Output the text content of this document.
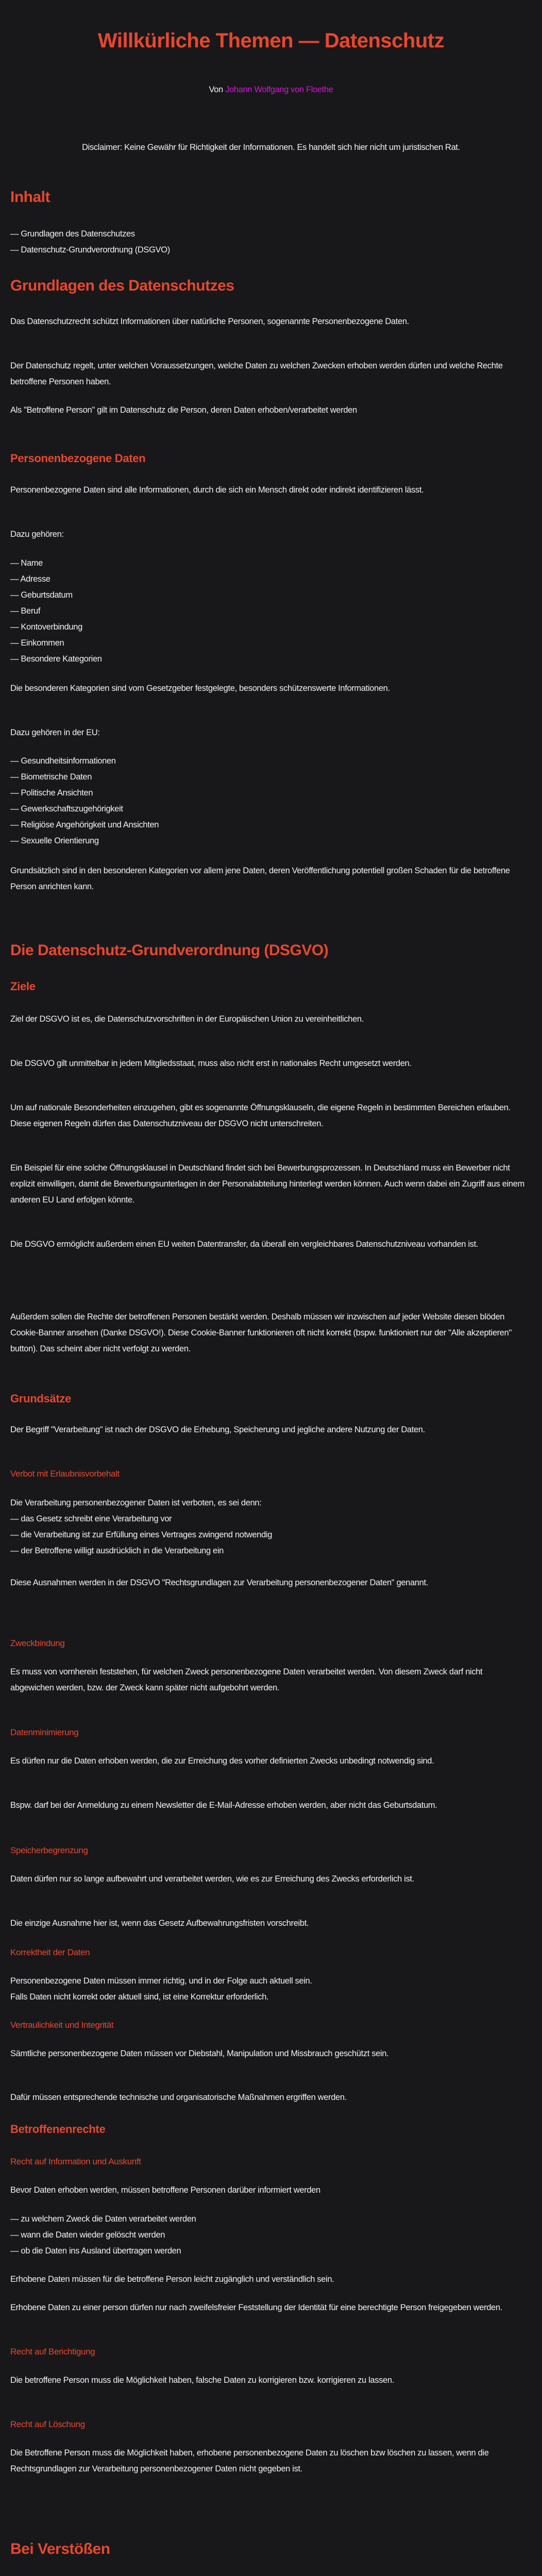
Willkürliche Themen — Datenschutz

Von Johann Wolfgang von Floethe

Disclaimer: Keine Gewähr für Richtigkeit der Informationen. Es handelt sich hier nicht um juristischen Rat.

Inhalt
— Grundlagen des Datenschutzes
— Datenschutz-Grundverordnung (DSGVO)
Grundlagen des Datenschutzes

Das Datenschutzrecht schützt Informationen über natürliche Personen, sogenannte Personenbezogene Daten.

Der Datenschutz regelt, unter welchen Voraussetzungen, welche Daten zu welchen Zwecken erhoben werden dürfen und welche Rechte betroffene Personen haben.

Als "Betroffene Person" gilt im Datenschutz die Person, deren Daten erhoben/verarbeitet werden

Personenbezogene Daten

Personenbezogene Daten sind alle Informationen, durch die sich ein Mensch direkt oder indirekt identifizieren lässt.

Dazu gehören:

— Name
— Adresse
— Geburtsdatum
— Beruf
— Kontoverbindung
— Einkommen
— Besondere Kategorien

Die besonderen Kategorien sind vom Gesetzgeber festgelegte, besonders schützenswerte Informationen.

Dazu gehören in der EU:

— Gesundheitsinformationen
— Biometrische Daten
— Politische Ansichten
— Gewerkschaftszugehörigkeit
— Religiöse Angehörigkeit und Ansichten
— Sexuelle Orientierung

Grundsätzlich sind in den besonderen Kategorien vor allem jene Daten, deren Veröffentlichung potentiell großen Schaden für die betroffene Person anrichten kann.

Die Datenschutz-Grundverordnung (DSGVO)
Ziele

Ziel der DSGVO ist es, die Datenschutzvorschriften in der Europäischen Union zu vereinheitlichen.

Die DSGVO gilt unmittelbar in jedem Mitgliedsstaat, muss also nicht erst in nationales Recht umgesetzt werden.

Um auf nationale Besonderheiten einzugehen, gibt es sogenannte Öffnungsklauseln, die eigene Regeln in bestimmten Bereichen erlauben. Diese eigenen Regeln dürfen das Datenschutzniveau der DSGVO nicht unterschreiten.

Ein Beispiel für eine solche Öffnungsklausel in Deutschland findet sich bei Bewerbungsprozessen. In Deutschland muss ein Bewerber nicht explizit einwilligen, damit die Bewerbungsunterlagen in der Personalabteilung hinterlegt werden können. Auch wenn dabei ein Zugriff aus einem anderen EU Land erfolgen könnte.

Die DSGVO ermöglicht außerdem einen EU weiten Datentransfer, da überall ein vergleichbares Datenschutzniveau vorhanden ist.

Außerdem sollen die Rechte der betroffenen Personen bestärkt werden. Deshalb müssen wir inzwischen auf jeder Website diesen blöden Cookie-Banner ansehen (Danke DSGVO!). Diese Cookie-Banner funktionieren oft nicht korrekt (bspw. funktioniert nur der "Alle akzeptieren" button). Das scheint aber nicht verfolgt zu werden.

Grundsätze

Der Begriff "Verarbeitung" ist nach der DSGVO die Erhebung, Speicherung und jegliche andere Nutzung der Daten.

Verbot mit Erlaubnisvorbehalt

Die Verarbeitung personenbezogener Daten ist verboten, es sei denn:

— das Gesetz schreibt eine Verarbeitung vor
— die Verarbeitung ist zur Erfüllung eines Vertrages zwingend notwendig
— der Betroffene willigt ausdrücklich in die Verarbeitung ein

Diese Ausnahmen werden in der DSGVO "Rechtsgrundlagen zur Verarbeitung personenbezogener Daten" genannt.

Zweckbindung

Es muss von vornherein feststehen, für welchen Zweck personenbezogene Daten verarbeitet werden. Von diesem Zweck darf nicht abgewichen werden, bzw. der Zweck kann später nicht aufgebohrt werden.

Datenminimierung

Es dürfen nur die Daten erhoben werden, die zur Erreichung des vorher definierten Zwecks unbedingt notwendig sind.

Bspw. darf bei der Anmeldung zu einem Newsletter die E-Mail-Adresse erhoben werden, aber nicht das Geburtsdatum.

Speicherbegrenzung

Daten dürfen nur so lange aufbewahrt und verarbeitet werden, wie es zur Erreichung des Zwecks erforderlich ist.

Die einzige Ausnahme hier ist, wenn das Gesetz Aufbewahrungsfristen vorschreibt.

Korrektheit der Daten

Personenbezogene Daten müssen immer richtig, und in der Folge auch aktuell sein.
Falls Daten nicht korrekt oder aktuell sind, ist eine Korrektur erforderlich.

Vertraulichkeit und Integrität

Sämtliche personenbezogene Daten müssen vor Diebstahl, Manipulation und Missbrauch geschützt sein.

Dafür müssen entsprechende technische und organisatorische Maßnahmen ergriffen werden.

Betroffenenrechte
Recht auf Information und Auskunft

Bevor Daten erhoben werden, müssen betroffene Personen darüber informiert werden

— zu welchem Zweck die Daten verarbeitet werden
— wann die Daten wieder gelöscht werden
— ob die Daten ins Ausland übertragen werden

Erhobene Daten müssen für die betroffene Person leicht zugänglich und verständlich sein.

Erhobene Daten zu einer person dürfen nur nach zweifelsfreier Feststellung der Identität für eine berechtigte Person freigegeben werden.

Recht auf Berichtigung

Die betroffene Person muss die Möglichkeit haben, falsche Daten zu korrigieren bzw. korrigieren zu lassen.

Recht auf Löschung

Die Betroffene Person muss die Möglichkeit haben, erhobene personenbezogene Daten zu löschen bzw löschen zu lassen, wenn die Rechtsgrundlagen zur Verarbeitung personenbezogener Daten nicht gegeben ist.

Bei Verstößen
